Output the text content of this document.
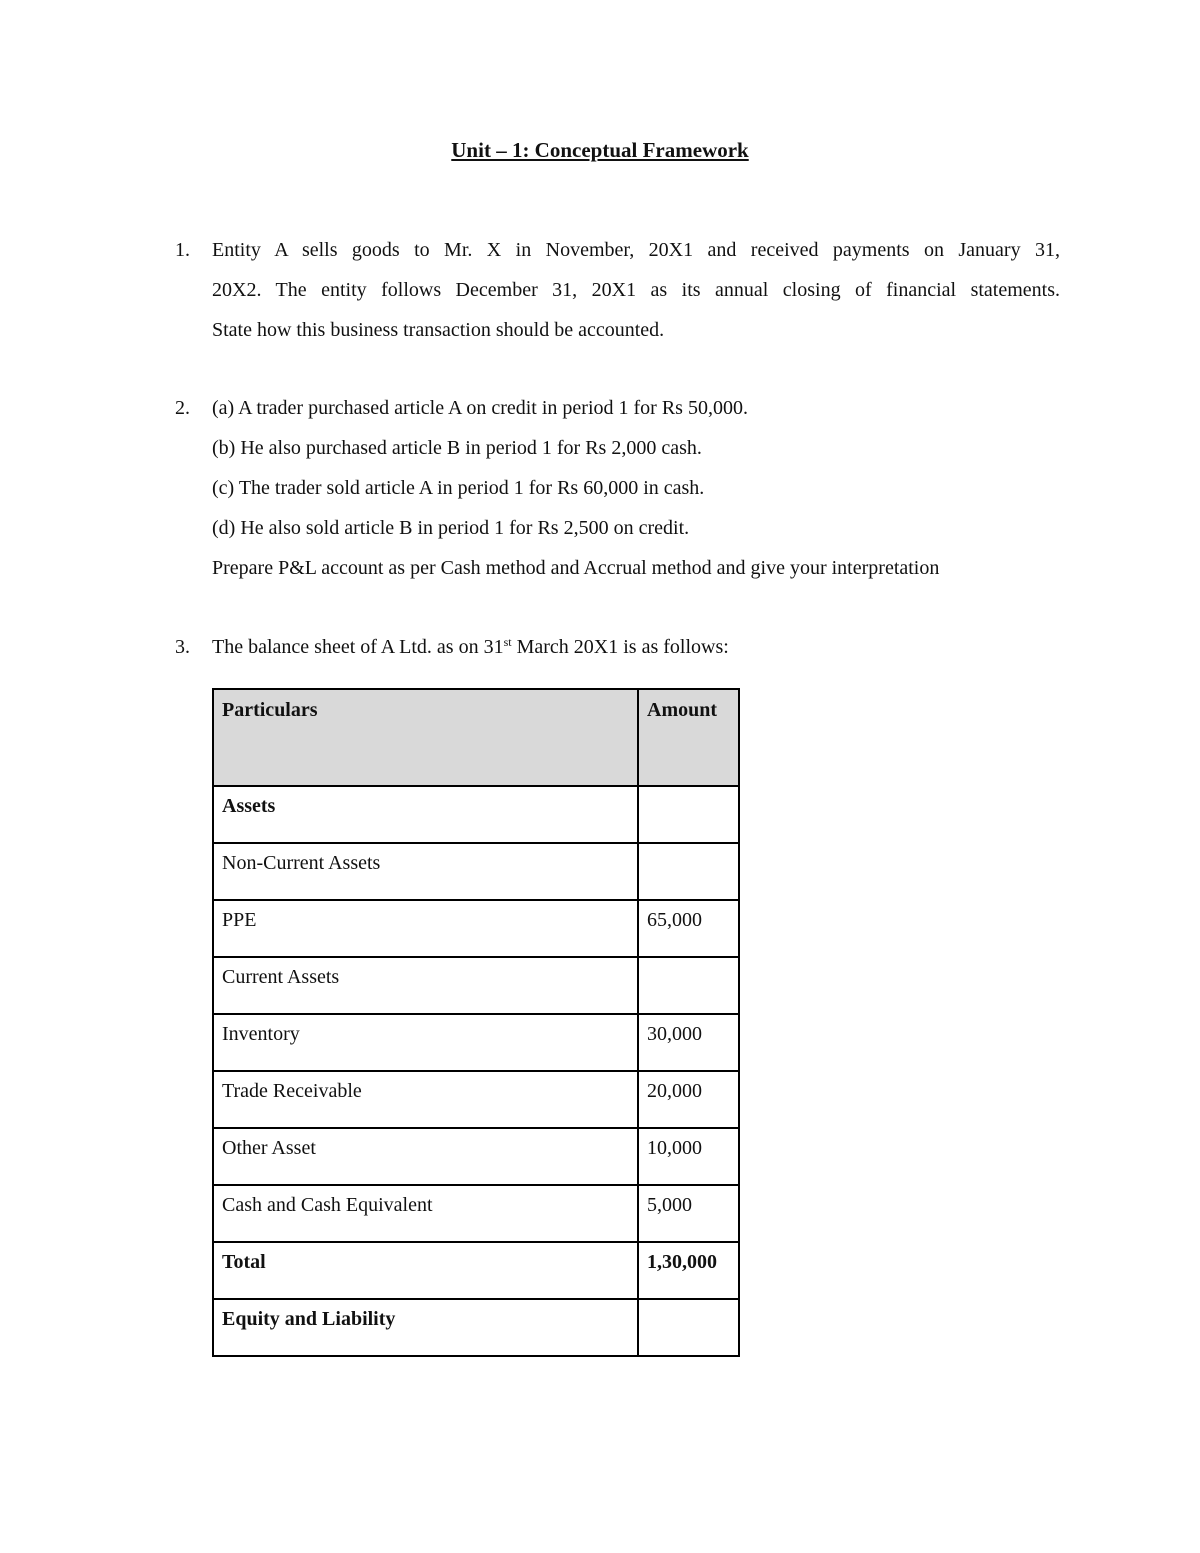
Unit – 1: Conceptual Framework
1. Entity A sells goods to Mr. X in November, 20X1 and received payments on January 31,
20X2. The entity follows December 31, 20X1 as its annual closing of financial statements.
State how this business transaction should be accounted.
2. (a) A trader purchased article A on credit in period 1 for Rs 50,000.
(b) He also purchased article B in period 1 for Rs 2,000 cash.
(c) The trader sold article A in period 1 for Rs 60,000 in cash.
(d) He also sold article B in period 1 for Rs 2,500 on credit.
Prepare P&L account as per Cash method and Accrual method and give your interpretation
3. The balance sheet of A Ltd. as on 31st March 20X1 is as follows:
Particulars	Amount

Assets	
Non-Current Assets	
PPE	65,000
Current Assets	
Inventory	30,000
Trade Receivable	20,000
Other Asset	10,000
Cash and Cash Equivalent	5,000
Total	1,30,000
Equity and Liability	
